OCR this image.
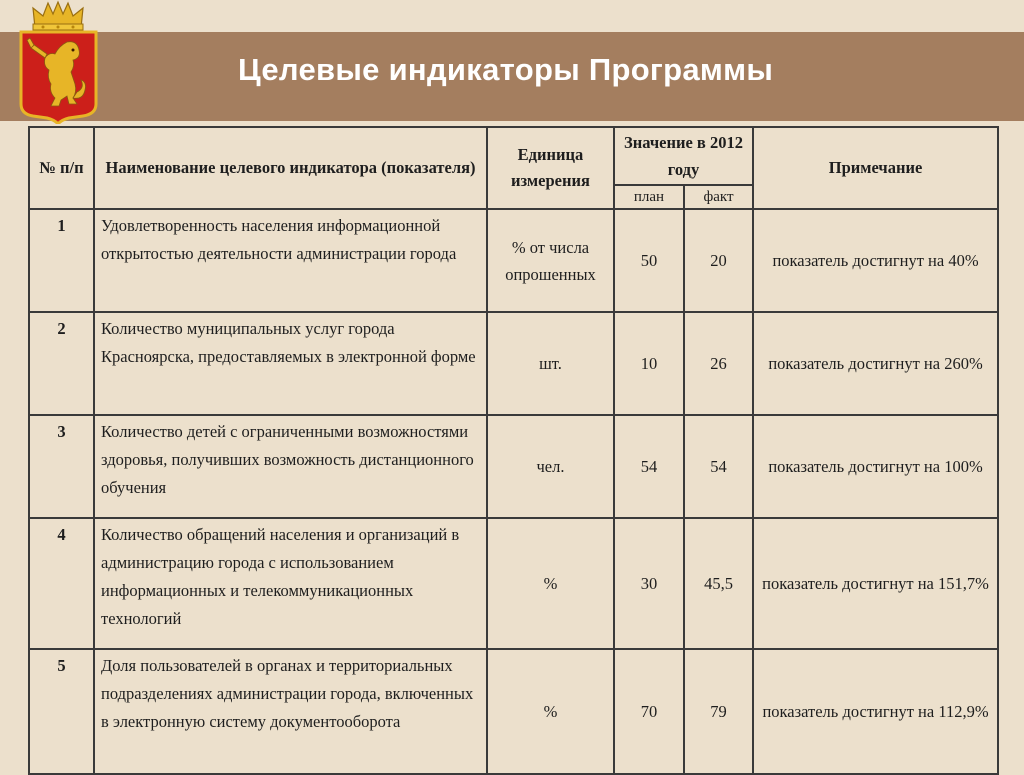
Целевые индикаторы Программы
№ п/п	Наименование целевого индикатора (показателя)	Единица измерения	Значение в 2012 году		Примечание
			план	факт	
1	Удовлетворенность населения информационной открытостью деятельности администрации города	% от числа опрошенных	50	20	показатель достигнут на 40%
2	Количество муниципальных услуг города Красноярска, предоставляемых в электронной форме	шт.	10	26	показатель достигнут на 260%
3	Количество детей с ограниченными возможностями здоровья, получивших возможность дистанционного обучения	чел.	54	54	показатель достигнут на 100%
4	Количество обращений населения и организаций в администрацию города с использованием информационных и телекоммуникационных технологий	%	30	45,5	показатель достигнут на 151,7%
5	Доля пользователей в органах и территориальных подразделениях администрации города, включенных в электронную систему документооборота	%	70	79	показатель достигнут на 112,9%
